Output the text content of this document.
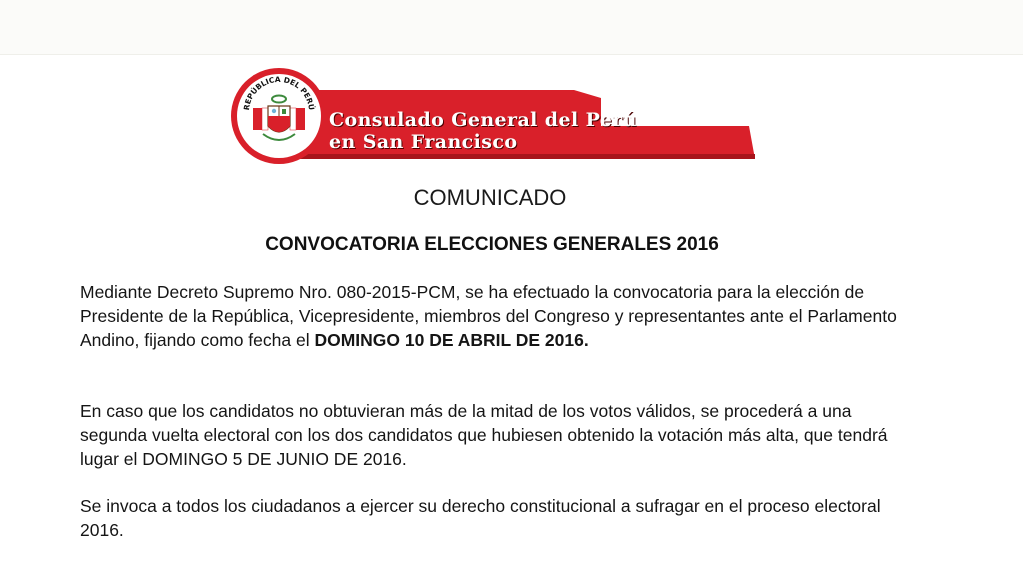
REPÚBLICA DEL PERÚ
Consulado General del Perú
en San Francisco
COMUNICADO
CONVOCATORIA ELECCIONES GENERALES 2016
Mediante Decreto Supremo Nro. 080-2015-PCM, se ha efectuado la convocatoria para la elección de Presidente de la República, Vicepresidente, miembros del Congreso y representantes ante el Parlamento Andino, fijando como fecha el DOMINGO 10 DE ABRIL DE 2016.
En caso que los candidatos no obtuvieran más de la mitad de los votos válidos, se procederá a una segunda vuelta electoral con los dos candidatos que hubiesen obtenido la votación más alta, que tendrá lugar el DOMINGO 5 DE JUNIO DE 2016.
Se invoca a todos los ciudadanos a ejercer su derecho constitucional a sufragar en el proceso electoral 2016.
